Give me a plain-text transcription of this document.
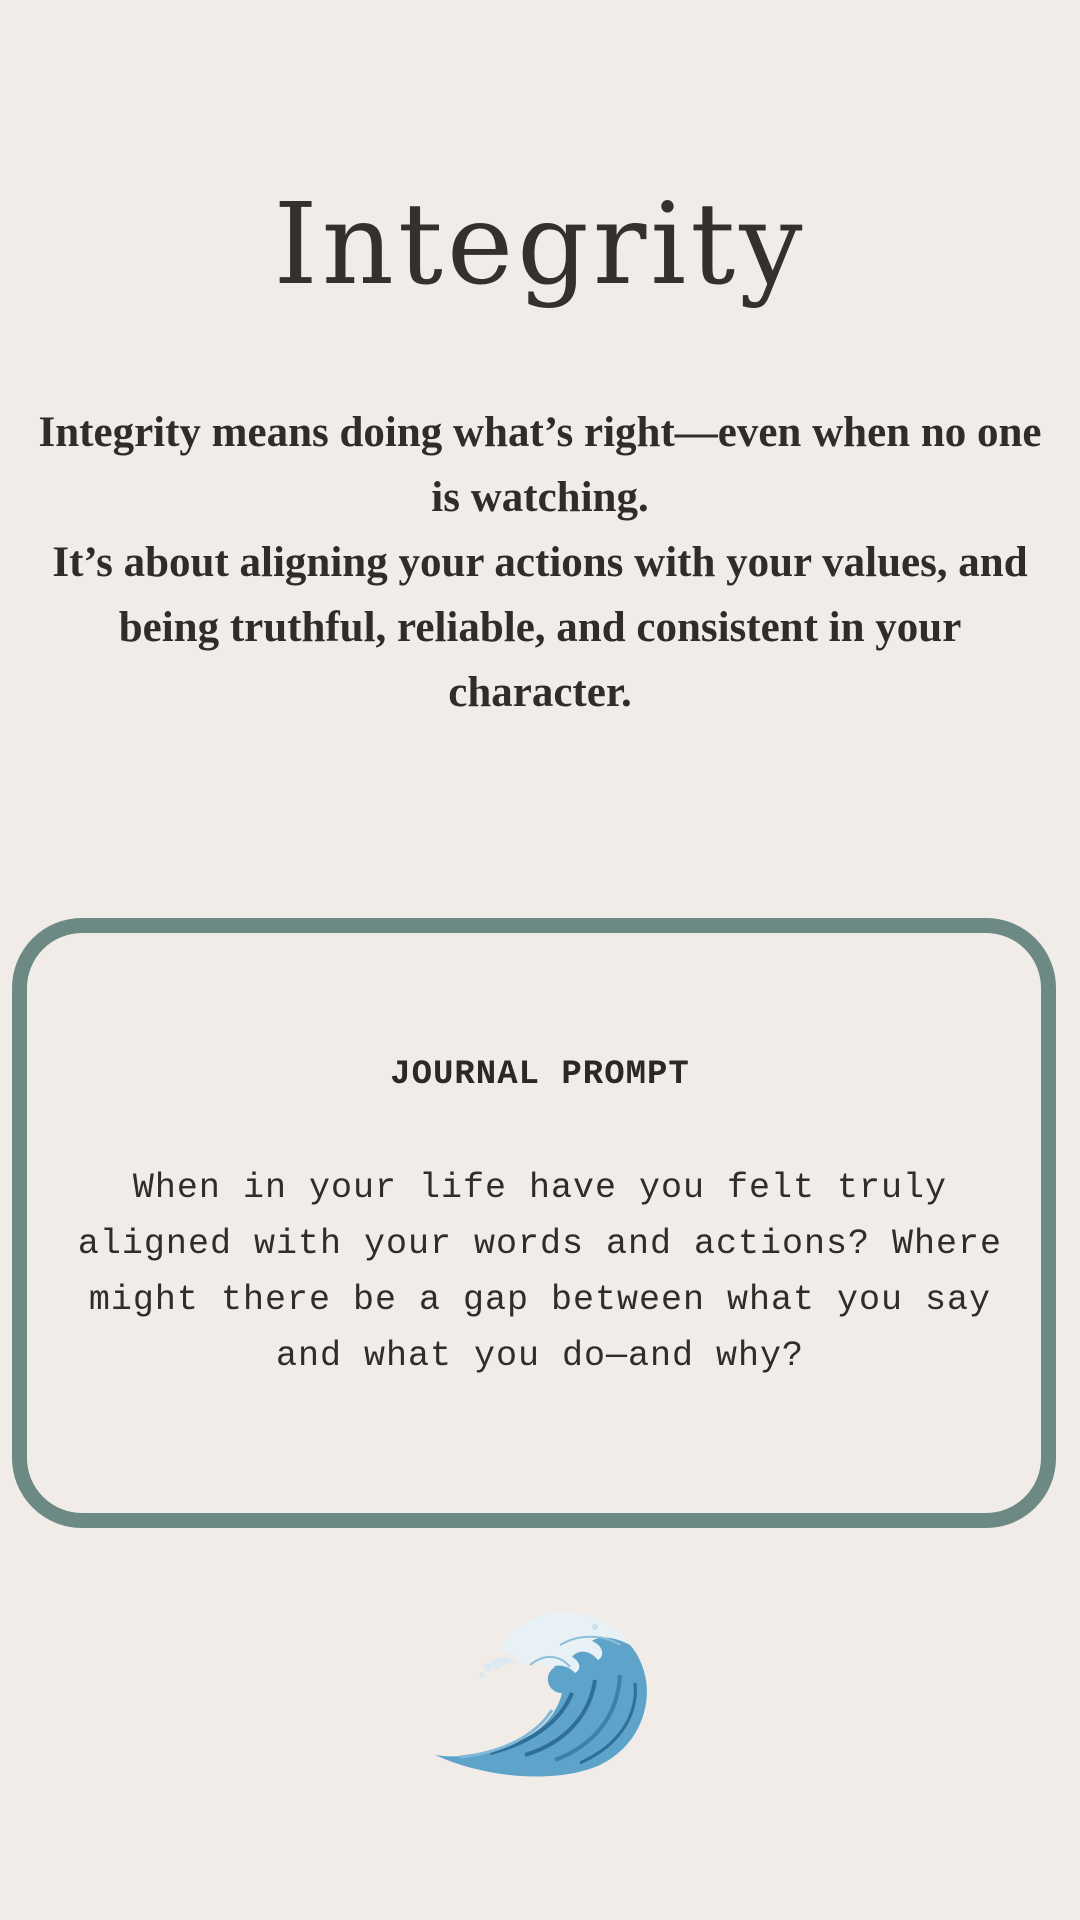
Integrity

Integrity means doing what’s right—even when no one is watching.

It’s about aligning your actions with your values, and being truthful, reliable, and consistent in your character.

JOURNAL PROMPT

When in your life have you felt truly aligned with your words and actions? Where might there be a gap between what you say and what you do—and why?
